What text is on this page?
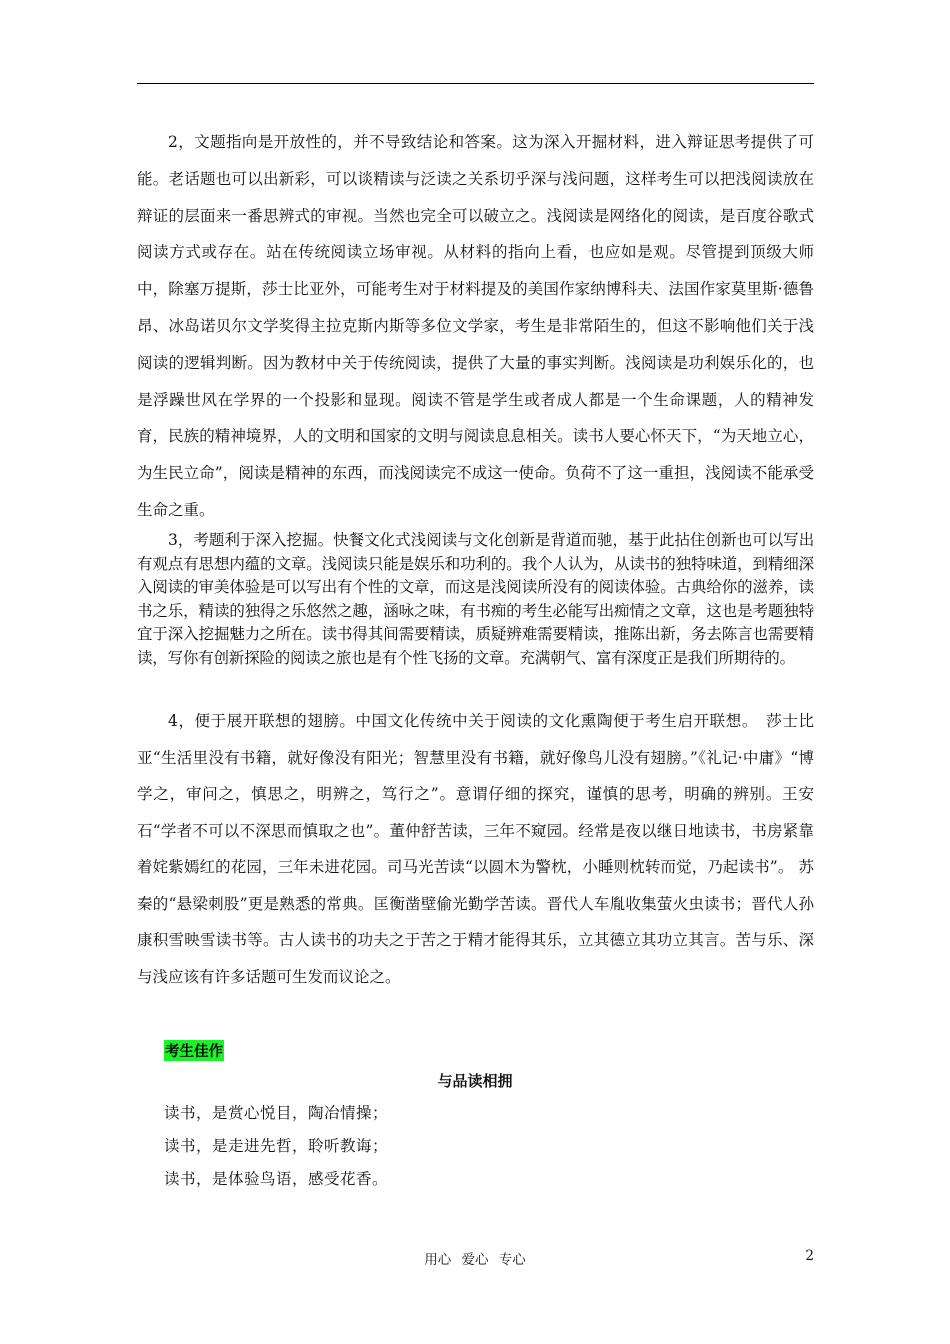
2，文题指向是开放性的，并不导致结论和答案。这为深入开掘材料，进入辩证思考提供了可能。老话题也可以出新彩，可以谈精读与泛读之关系切乎深与浅问题，这样考生可以把浅阅读放在辩证的层面来一番思辨式的审视。当然也完全可以破立之。浅阅读是网络化的阅读，是百度谷歌式阅读方式或存在。站在传统阅读立场审视。从材料的指向上看，也应如是观。尽管提到顶级大师中，除塞万提斯，莎士比亚外，可能考生对于材料提及的美国作家纳博科夫、法国作家莫里斯·德鲁昂、冰岛诺贝尔文学奖得主拉克斯内斯等多位文学家，考生是非常陌生的，但这不影响他们关于浅阅读的逻辑判断。因为教材中关于传统阅读，提供了大量的事实判断。浅阅读是功利娱乐化的，也是浮躁世风在学界的一个投影和显现。阅读不管是学生或者成人都是一个生命课题，人的精神发育，民族的精神境界，人的文明和国家的文明与阅读息息相关。读书人要心怀天下，“为天地立心，为生民立命”，阅读是精神的东西，而浅阅读完不成这一使命。负荷不了这一重担，浅阅读不能承受生命之重。

3，考题利于深入挖掘。快餐文化式浅阅读与文化创新是背道而驰，基于此拈住创新也可以写出有观点有思想内蕴的文章。浅阅读只能是娱乐和功利的。我个人认为，从读书的独特味道，到精细深入阅读的审美体验是可以写出有个性的文章，而这是浅阅读所没有的阅读体验。古典给你的滋养，读书之乐，精读的独得之乐悠然之趣，涵咏之味，有书痴的考生必能写出痴情之文章，这也是考题独特宜于深入挖掘魅力之所在。读书得其间需要精读，质疑辨难需要精读，推陈出新，务去陈言也需要精读，写你有创新探险的阅读之旅也是有个性飞扬的文章。充满朝气、富有深度正是我们所期待的。

4，便于展开联想的翅膀。中国文化传统中关于阅读的文化熏陶便于考生启开联想。　莎士比亚“生活里没有书籍，就好像没有阳光；智慧里没有书籍，就好像鸟儿没有翅膀。”《礼记·中庸》“博学之，审问之，慎思之，明辨之，笃行之”。意谓仔细的探究，谨慎的思考，明确的辨别。王安石“学者不可以不深思而慎取之也”。董仲舒苦读，三年不窥园。经常是夜以继日地读书，书房紧靠着姹紫嫣红的花园，三年未进花园。司马光苦读“以圆木为警枕，小睡则枕转而觉，乃起读书”。 苏秦的“悬梁刺股”更是熟悉的常典。匡衡凿壁偷光勤学苦读。晋代人车胤收集萤火虫读书；晋代人孙康积雪映雪读书等。古人读书的功夫之于苦之于精才能得其乐，立其德立其功立其言。苦与乐、深与浅应该有许多话题可生发而议论之。

考生佳作

与品读相拥

读书，是赏心悦目，陶冶情操；
读书，是走进先哲，聆听教诲；
读书，是体验鸟语，感受花香。
用心 爱心 专心	2
